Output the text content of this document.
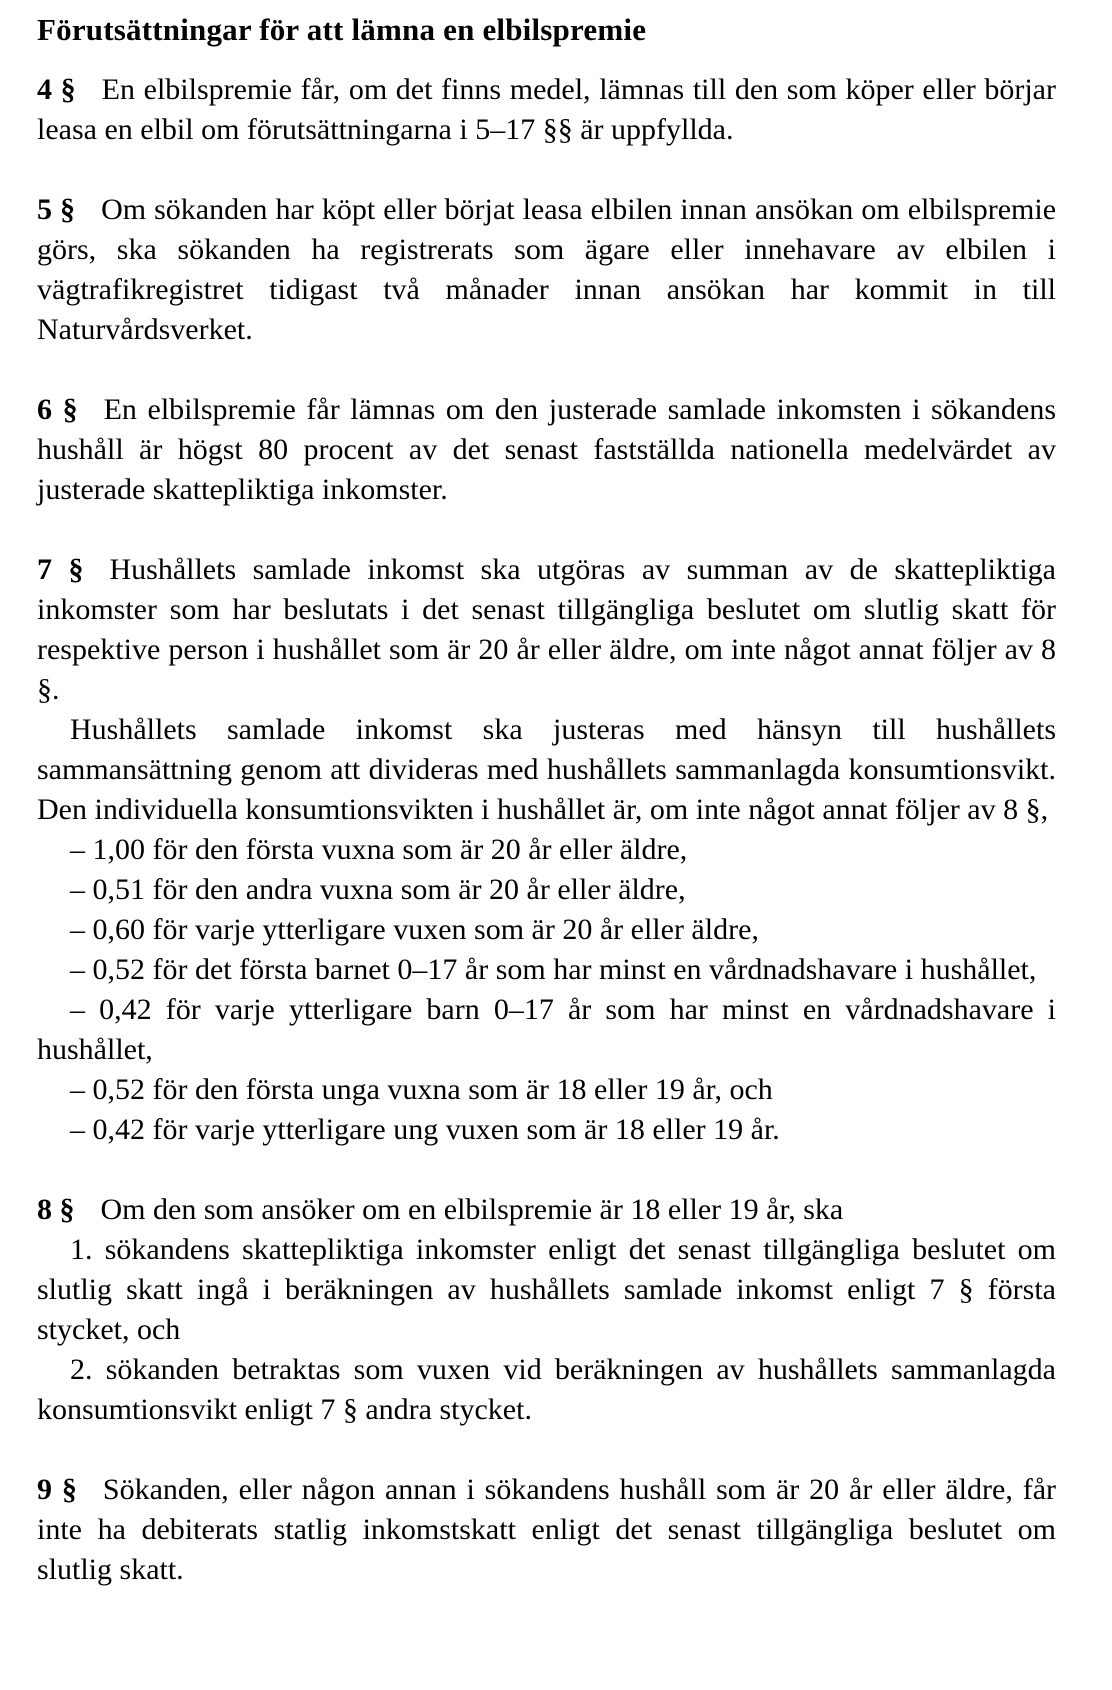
Förutsättningar för att lämna en elbilspremie

4 § En elbilspremie får, om det finns medel, lämnas till den som köper eller börjar leasa en elbil om förutsättningarna i 5–17 §§ är uppfyllda.

5 § Om sökanden har köpt eller börjat leasa elbilen innan ansökan om elbilspremie görs, ska sökanden ha registrerats som ägare eller innehavare av elbilen i vägtrafikregistret tidigast två månader innan ansökan har kommit in till Naturvårdsverket.

6 § En elbilspremie får lämnas om den justerade samlade inkomsten i sökandens hushåll är högst 80 procent av det senast fastställda nationella medelvärdet av justerade skattepliktiga inkomster.

7 § Hushållets samlade inkomst ska utgöras av summan av de skattepliktiga inkomster som har beslutats i det senast tillgängliga beslutet om slutlig skatt för respektive person i hushållet som är 20 år eller äldre, om inte något annat följer av 8 §.

Hushållets samlade inkomst ska justeras med hänsyn till hushållets sammansättning genom att divideras med hushållets sammanlagda konsumtionsvikt. Den individuella konsumtionsvikten i hushållet är, om inte något annat följer av 8 §,

– 1,00 för den första vuxna som är 20 år eller äldre,

– 0,51 för den andra vuxna som är 20 år eller äldre,

– 0,60 för varje ytterligare vuxen som är 20 år eller äldre,

– 0,52 för det första barnet 0–17 år som har minst en vårdnadshavare i hushållet,

– 0,42 för varje ytterligare barn 0–17 år som har minst en vårdnadshavare i hushållet,

– 0,52 för den första unga vuxna som är 18 eller 19 år, och

– 0,42 för varje ytterligare ung vuxen som är 18 eller 19 år.

8 § Om den som ansöker om en elbilspremie är 18 eller 19 år, ska

1. sökandens skattepliktiga inkomster enligt det senast tillgängliga beslutet om slutlig skatt ingå i beräkningen av hushållets samlade inkomst enligt 7 § första stycket, och

2. sökanden betraktas som vuxen vid beräkningen av hushållets sammanlagda konsumtionsvikt enligt 7 § andra stycket.

9 § Sökanden, eller någon annan i sökandens hushåll som är 20 år eller äldre, får inte ha debiterats statlig inkomstskatt enligt det senast tillgängliga beslutet om slutlig skatt.
